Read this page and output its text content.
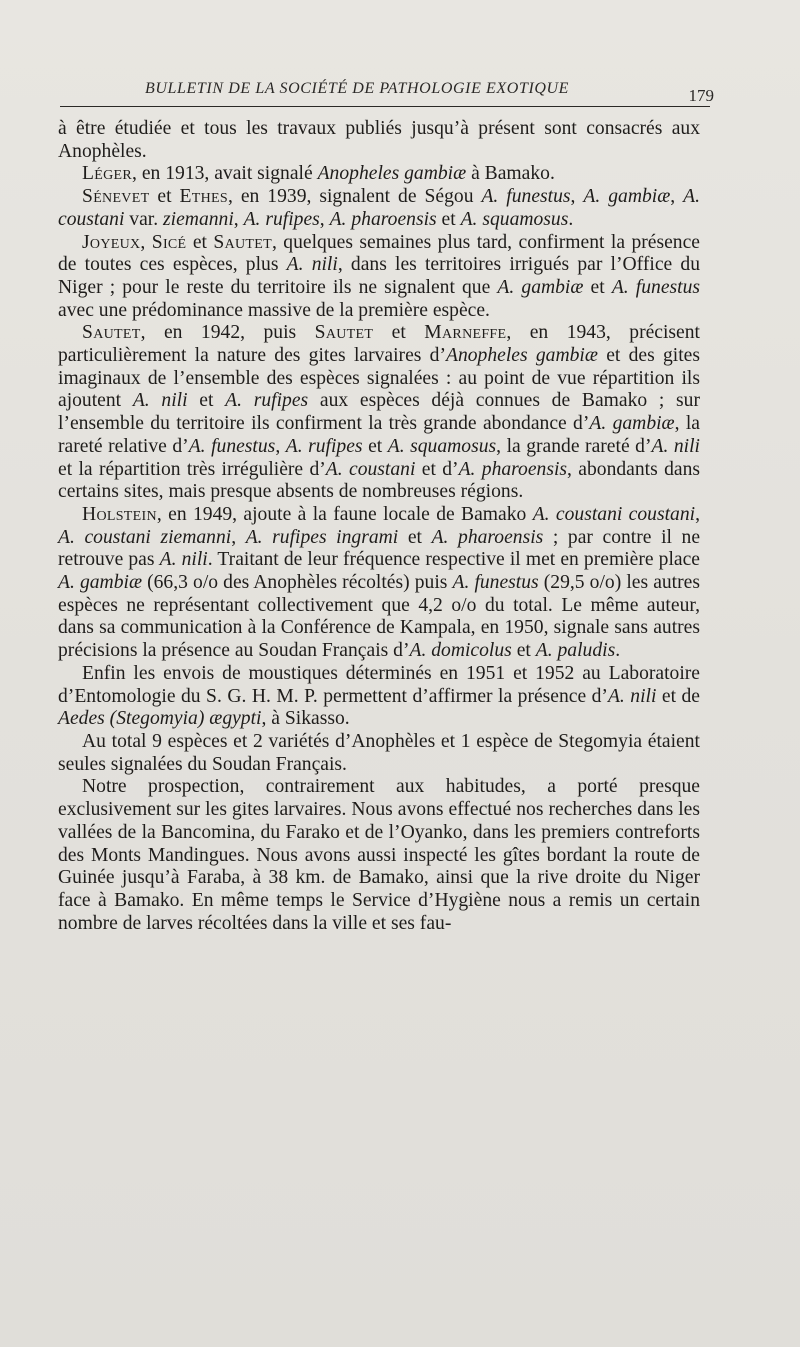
BULLETIN DE LA SOCIÉTÉ DE PATHOLOGIE EXOTIQUE	179

à être étudiée et tous les travaux publiés jusqu’à présent sont consacrés aux Anophèles.

Léger, en 1913, avait signalé Anopheles gambiæ à Bamako.

Sénevet et Ethes, en 1939, signalent de Ségou A. funestus, A. gambiæ, A. coustani var. ziemanni, A. rufipes, A. pharoensis et A. squamosus.

Joyeux, Sicé et Sautet, quelques semaines plus tard, confirment la présence de toutes ces espèces, plus A. nili, dans les territoires irrigués par l’Office du Niger ; pour le reste du territoire ils ne signalent que A. gambiæ et A. funestus avec une prédominance massive de la première espèce.

Sautet, en 1942, puis Sautet et Marneffe, en 1943, précisent particulièrement la nature des gites larvaires d’Anopheles gambiæ et des gites imaginaux de l’ensemble des espèces signalées : au point de vue répartition ils ajoutent A. nili et A. rufipes aux espèces déjà connues de Bamako ; sur l’ensemble du territoire ils confirment la très grande abondance d’A. gambiæ, la rareté relative d’A. funestus, A. rufipes et A. squamosus, la grande rareté d’A. nili et la répartition très irrégulière d’A. coustani et d’A. pharoensis, abondants dans certains sites, mais presque absents de nombreuses régions.

Holstein, en 1949, ajoute à la faune locale de Bamako A. coustani coustani, A. coustani ziemanni, A. rufipes ingrami et A. pharoensis ; par contre il ne retrouve pas A. nili. Traitant de leur fréquence respective il met en première place A. gambiæ (66,3 o/o des Anophèles récoltés) puis A. funestus (29,5 o/o) les autres espèces ne représentant collectivement que 4,2 o/o du total. Le même auteur, dans sa communication à la Conférence de Kampala, en 1950, signale sans autres précisions la présence au Soudan Français d’A. domicolus et A. paludis.

Enfin les envois de moustiques déterminés en 1951 et 1952 au Laboratoire d’Entomologie du S. G. H. M. P. permettent d’affirmer la présence d’A. nili et de Aedes (Stegomyia) ægypti, à Sikasso.

Au total 9 espèces et 2 variétés d’Anophèles et 1 espèce de Stegomyia étaient seules signalées du Soudan Français.

Notre prospection, contrairement aux habitudes, a porté presque exclusivement sur les gites larvaires. Nous avons effectué nos recherches dans les vallées de la Bancomina, du Farako et de l’Oyanko, dans les premiers contreforts des Monts Mandingues. Nous avons aussi inspecté les gîtes bordant la route de Guinée jusqu’à Faraba, à 38 km. de Bamako, ainsi que la rive droite du Niger face à Bamako. En même temps le Service d’Hygiène nous a remis un certain nombre de larves récoltées dans la ville et ses fau-
